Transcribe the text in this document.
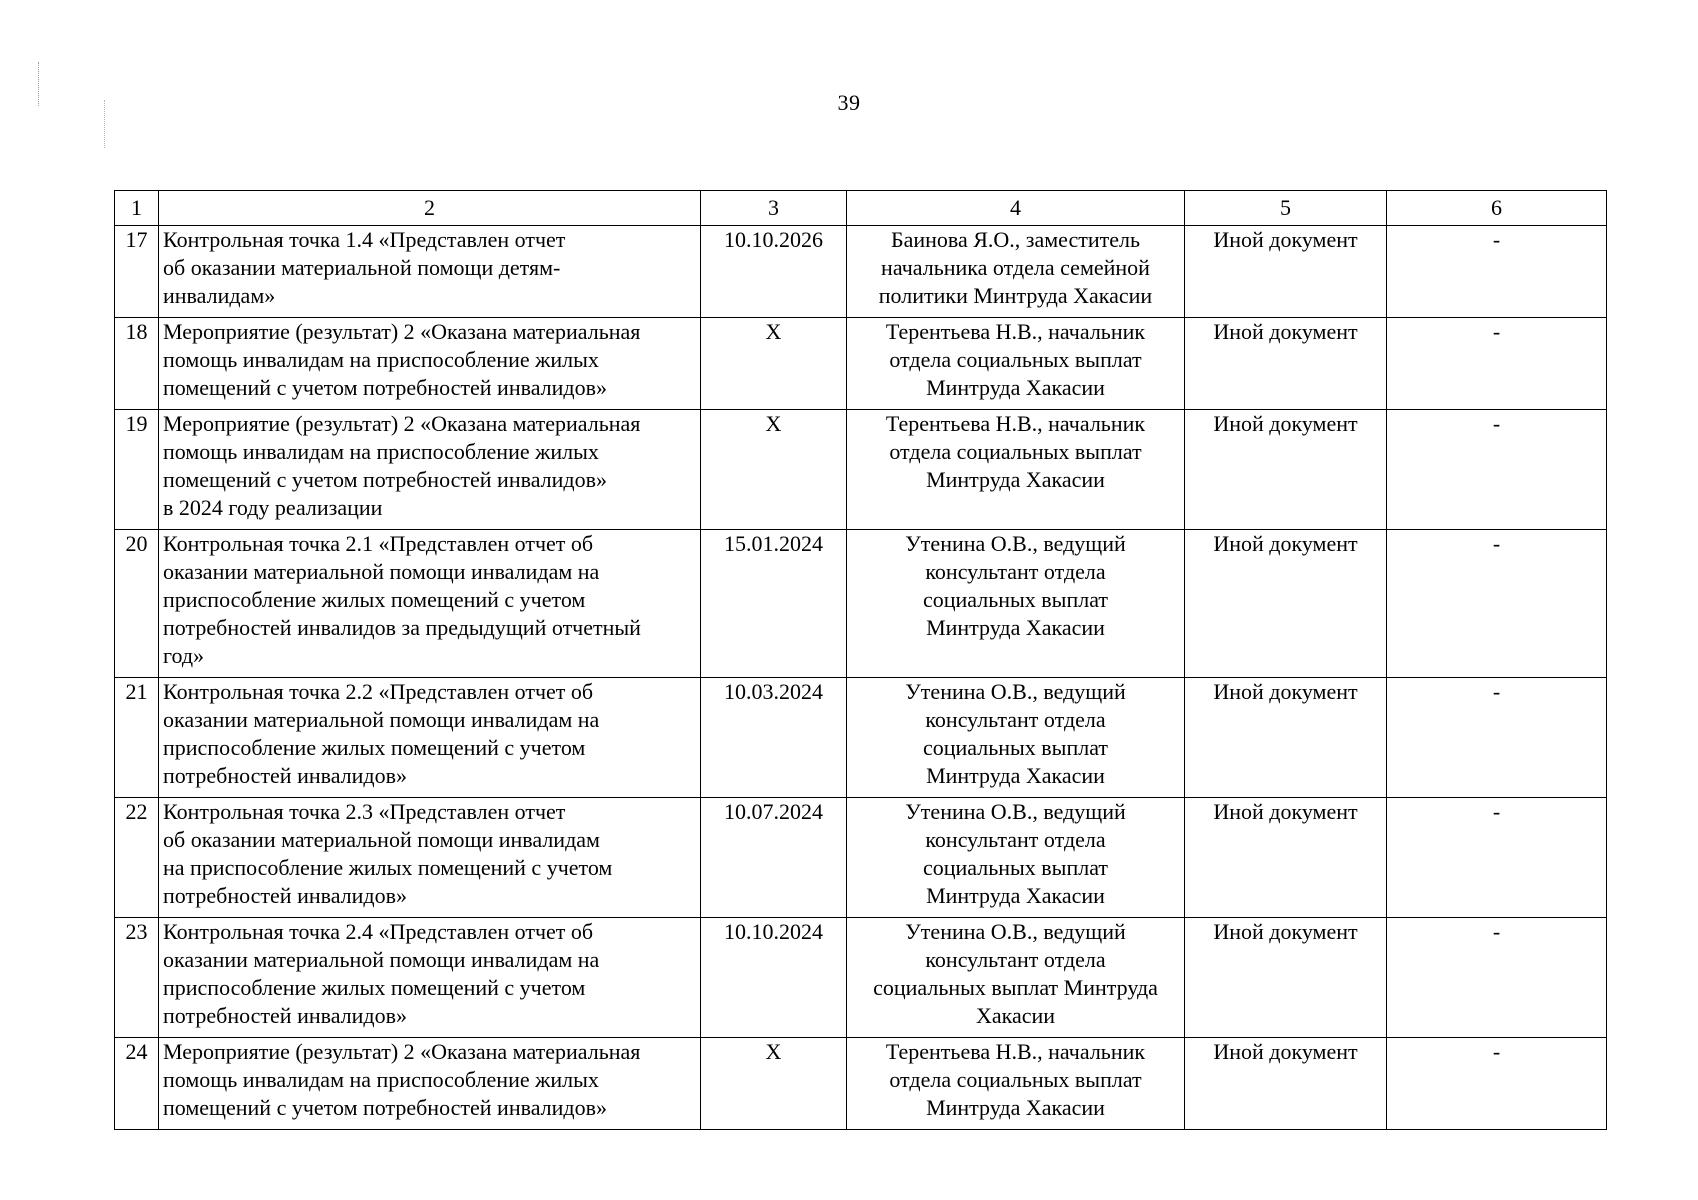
39
1	2	3	4	5	6
17	Контрольная точка 1.4 «Представлен отчет
об оказании материальной помощи детям-
инвалидам»	10.10.2026	Баинова Я.О., заместитель
начальника отдела семейной
политики Минтруда Хакасии	Иной документ	-
18	Мероприятие (результат) 2 «Оказана материальная
помощь инвалидам на приспособление жилых
помещений с учетом потребностей инвалидов»	X	Терентьева Н.В., начальник
отдела социальных выплат
Минтруда Хакасии	Иной документ	-
19	Мероприятие (результат) 2 «Оказана материальная
помощь инвалидам на приспособление жилых
помещений с учетом потребностей инвалидов»
в 2024 году реализации	X	Терентьева Н.В., начальник
отдела социальных выплат
Минтруда Хакасии	Иной документ	-
20	Контрольная точка 2.1 «Представлен отчет об
оказании материальной помощи инвалидам на
приспособление жилых помещений с учетом
потребностей инвалидов за предыдущий отчетный
год»	15.01.2024	Утенина О.В., ведущий
консультант отдела
социальных выплат
Минтруда Хакасии	Иной документ	-
21	Контрольная точка 2.2 «Представлен отчет об
оказании материальной помощи инвалидам на
приспособление жилых помещений с учетом
потребностей инвалидов»	10.03.2024	Утенина О.В., ведущий
консультант отдела
социальных выплат
Минтруда Хакасии	Иной документ	-
22	Контрольная точка 2.3 «Представлен отчет
об оказании материальной помощи инвалидам
на приспособление жилых помещений с учетом
потребностей инвалидов»	10.07.2024	Утенина О.В., ведущий
консультант отдела
социальных выплат
Минтруда Хакасии	Иной документ	-
23	Контрольная точка 2.4 «Представлен отчет об
оказании материальной помощи инвалидам на
приспособление жилых помещений с учетом
потребностей инвалидов»	10.10.2024	Утенина О.В., ведущий
консультант отдела
социальных выплат Минтруда
Хакасии	Иной документ	-
24	Мероприятие (результат) 2 «Оказана материальная
помощь инвалидам на приспособление жилых
помещений с учетом потребностей инвалидов»	X	Терентьева Н.В., начальник
отдела социальных выплат
Минтруда Хакасии	Иной документ	-
